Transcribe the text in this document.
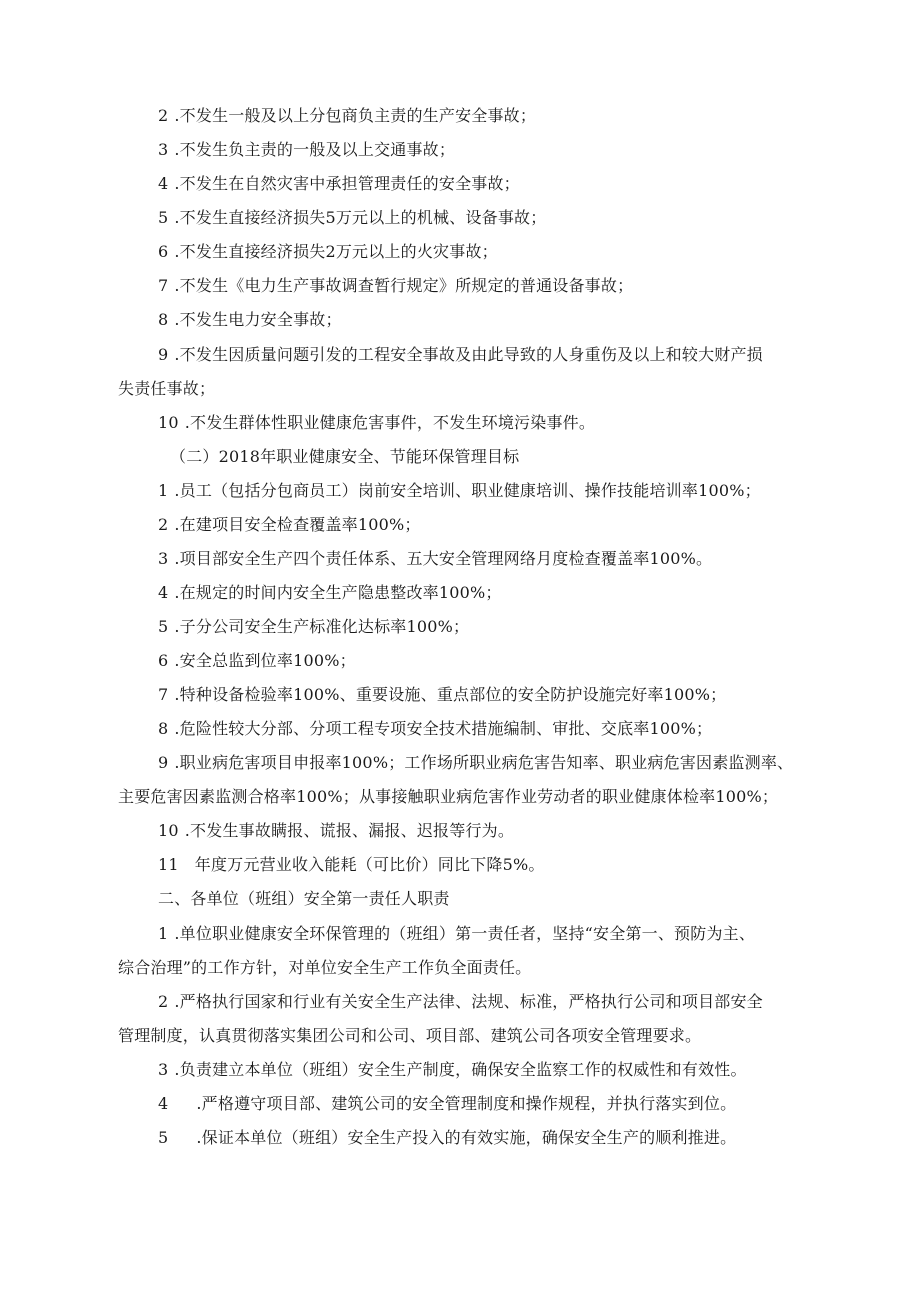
2 .不发生一般及以上分包商负主责的生产安全事故；
3 .不发生负主责的一般及以上交通事故；
4 .不发生在自然灾害中承担管理责任的安全事故；
5 .不发生直接经济损失5万元以上的机械、设备事故；
6 .不发生直接经济损失2万元以上的火灾事故；
7 .不发生《电力生产事故调查暂行规定》所规定的普通设备事故；
8 .不发生电力安全事故；
9 .不发生因质量问题引发的工程安全事故及由此导致的人身重伤及以上和较大财产损
失责任事故；
10 .不发生群体性职业健康危害事件，不发生环境污染事件。
（二）2018年职业健康安全、节能环保管理目标
1 .员工（包括分包商员工）岗前安全培训、职业健康培训、操作技能培训率100%；
2 .在建项目安全检查覆盖率100%；
3 .项目部安全生产四个责任体系、五大安全管理网络月度检查覆盖率100%。
4 .在规定的时间内安全生产隐患整改率100%；
5 .子分公司安全生产标准化达标率100%；
6 .安全总监到位率100%；
7 .特种设备检验率100%、重要设施、重点部位的安全防护设施完好率100%；
8 .危险性较大分部、分项工程专项安全技术措施编制、审批、交底率100%；
9 .职业病危害项目申报率100%；工作场所职业病危害告知率、职业病危害因素监测率、
主要危害因素监测合格率100%；从事接触职业病危害作业劳动者的职业健康体检率100%；
10 .不发生事故瞒报、谎报、漏报、迟报等行为。
11 年度万元营业收入能耗（可比价）同比下降5%。
二、各单位（班组）安全第一责任人职责
1 .单位职业健康安全环保管理的（班组）第一责任者，坚持“安全第一、预防为主、
综合治理”的工作方针，对单位安全生产工作负全面责任。
2 .严格执行国家和行业有关安全生产法律、法规、标准，严格执行公司和项目部安全
管理制度，认真贯彻落实集团公司和公司、项目部、建筑公司各项安全管理要求。
3 .负责建立本单位（班组）安全生产制度，确保安全监察工作的权威性和有效性。
4 .严格遵守项目部、建筑公司的安全管理制度和操作规程，并执行落实到位。
5 .保证本单位（班组）安全生产投入的有效实施，确保安全生产的顺利推进。
